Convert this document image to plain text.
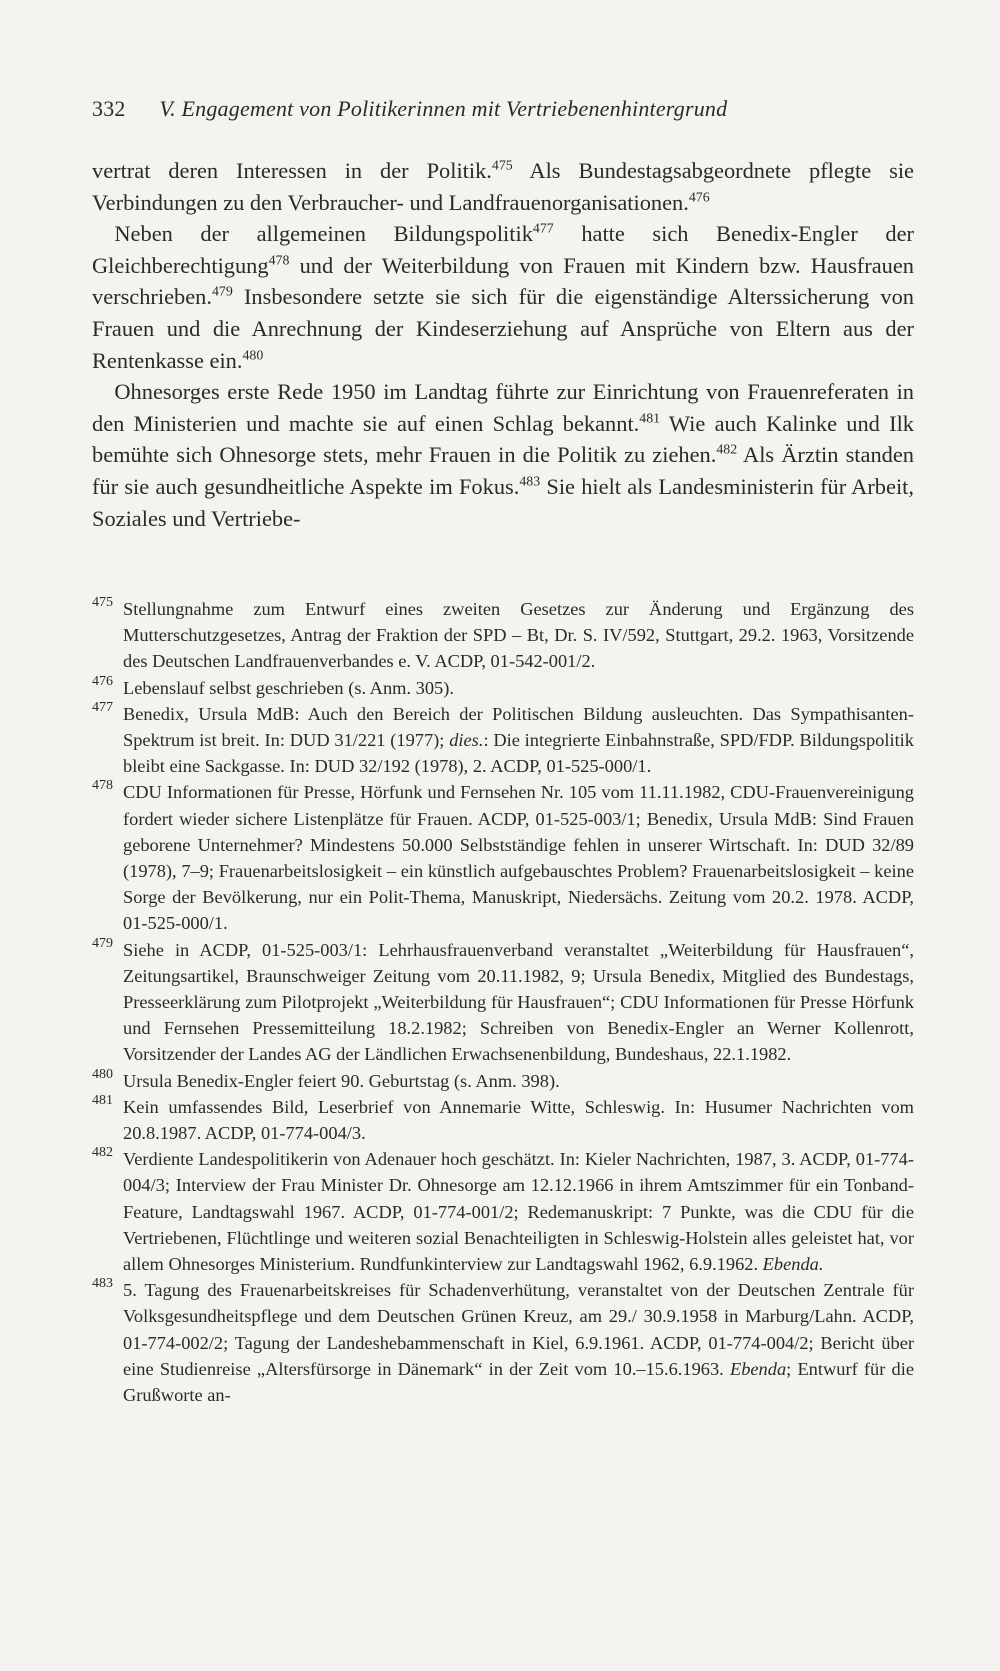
332 V. Engagement von Politikerinnen mit Vertriebenenhintergrund

vertrat deren Interessen in der Politik.$^{475}$ Als Bundestagsabgeordnete pflegte sie Verbindungen zu den Verbraucher- und Landfrauenorganisationen.$^{476}$

 Neben der allgemeinen Bildungspolitik$^{477}$ hatte sich Benedix-Engler der Gleichberechtigung$^{478}$ und der Weiterbildung von Frauen mit Kindern bzw. Hausfrauen verschrieben.$^{479}$ Insbesondere setzte sie sich für die eigenständige Alterssicherung von Frauen und die Anrechnung der Kindeserziehung auf Ansprüche von Eltern aus der Rentenkasse ein.$^{480}$

 Ohnesorges erste Rede 1950 im Landtag führte zur Einrichtung von Frauenreferaten in den Ministerien und machte sie auf einen Schlag bekannt.$^{481}$ Wie auch Kalinke und Ilk bemühte sich Ohnesorge stets, mehr Frauen in die Politik zu ziehen.$^{482}$ Als Ärztin standen für sie auch gesundheitliche Aspekte im Fokus.$^{483}$ Sie hielt als Landesministerin für Arbeit, Soziales und Vertriebe-

475 Stellungnahme zum Entwurf eines zweiten Gesetzes zur Änderung und Ergänzung des Mutterschutzgesetzes, Antrag der Fraktion der SPD – Bt, Dr. S. IV/592, Stuttgart, 29.2. 1963, Vorsitzende des Deutschen Landfrauenverbandes e. V. ACDP, 01-542-001/2.
476 Lebenslauf selbst geschrieben (s. Anm. 305).
477 Benedix, Ursula MdB: Auch den Bereich der Politischen Bildung ausleuchten. Das Sympathisanten-Spektrum ist breit. In: DUD 31/221 (1977); dies.: Die integrierte Einbahnstraße, SPD/FDP. Bildungspolitik bleibt eine Sackgasse. In: DUD 32/192 (1978), 2. ACDP, 01-525-000/1.
478 CDU Informationen für Presse, Hörfunk und Fernsehen Nr. 105 vom 11.11.1982, CDU-Frauenvereinigung fordert wieder sichere Listenplätze für Frauen. ACDP, 01-525-003/1; Benedix, Ursula MdB: Sind Frauen geborene Unternehmer? Mindestens 50.000 Selbstständige fehlen in unserer Wirtschaft. In: DUD 32/89 (1978), 7–9; Frauenarbeitslosigkeit – ein künstlich aufgebauschtes Problem? Frauenarbeitslosigkeit – keine Sorge der Bevölkerung, nur ein Polit-Thema, Manuskript, Niedersächs. Zeitung vom 20.2. 1978. ACDP, 01-525-000/1.
479 Siehe in ACDP, 01-525-003/1: Lehrhausfrauenverband veranstaltet „Weiterbildung für Hausfrauen“, Zeitungsartikel, Braunschweiger Zeitung vom 20.11.1982, 9; Ursula Benedix, Mitglied des Bundestags, Presseerklärung zum Pilotprojekt „Weiterbildung für Hausfrauen“; CDU Informationen für Presse Hörfunk und Fernsehen Pressemitteilung 18.2.1982; Schreiben von Benedix-Engler an Werner Kollenrott, Vorsitzender der Landes AG der Ländlichen Erwachsenenbildung, Bundeshaus, 22.1.1982.
480 Ursula Benedix-Engler feiert 90. Geburtstag (s. Anm. 398).
481 Kein umfassendes Bild, Leserbrief von Annemarie Witte, Schleswig. In: Husumer Nachrichten vom 20.8.1987. ACDP, 01-774-004/3.
482 Verdiente Landespolitikerin von Adenauer hoch geschätzt. In: Kieler Nachrichten, 1987, 3. ACDP, 01-774-004/3; Interview der Frau Minister Dr. Ohnesorge am 12.12.1966 in ihrem Amtszimmer für ein Tonband-Feature, Landtagswahl 1967. ACDP, 01-774-001/2; Redemanuskript: 7 Punkte, was die CDU für die Vertriebenen, Flüchtlinge und weiteren sozial Benachteiligten in Schleswig-Holstein alles geleistet hat, vor allem Ohnesorges Ministerium. Rundfunkinterview zur Landtagswahl 1962, 6.9.1962. Ebenda.
483 5. Tagung des Frauenarbeitskreises für Schadenverhütung, veranstaltet von der Deutschen Zentrale für Volksgesundheitspflege und dem Deutschen Grünen Kreuz, am 29./ 30.9.1958 in Marburg/Lahn. ACDP, 01-774-002/2; Tagung der Landeshebammenschaft in Kiel, 6.9.1961. ACDP, 01-774-004/2; Bericht über eine Studienreise „Altersfürsorge in Dänemark“ in der Zeit vom 10.–15.6.1963. Ebenda; Entwurf für die Grußworte an-
